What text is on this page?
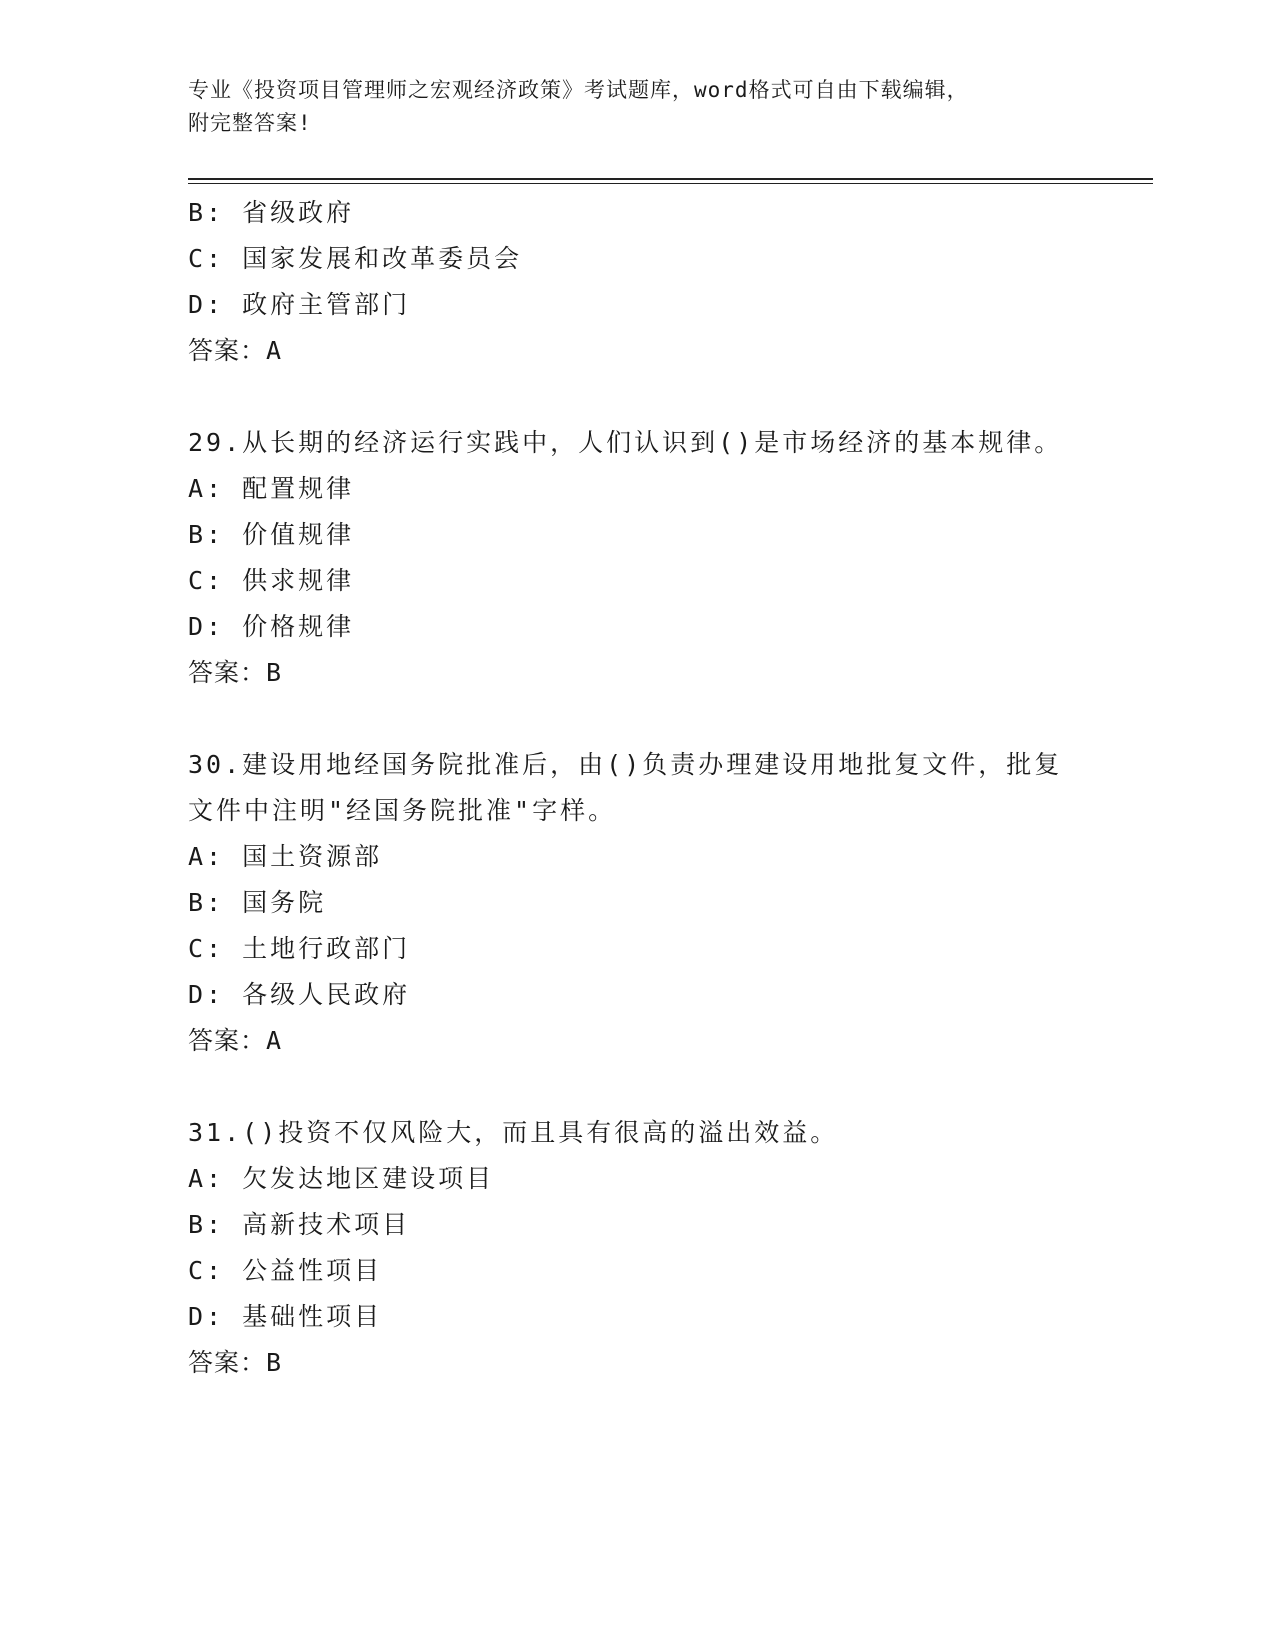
专业《投资项目管理师之宏观经济政策》考试题库，word格式可自由下载编辑，
附完整答案!
B: 省级政府
C: 国家发展和改革委员会
D: 政府主管部门
答案：A
29.从长期的经济运行实践中，人们认识到()是市场经济的基本规律。
A: 配置规律
B: 价值规律
C: 供求规律
D: 价格规律
答案：B
30.建设用地经国务院批准后，由()负责办理建设用地批复文件，批复
文件中注明"经国务院批准"字样。
A: 国土资源部
B: 国务院
C: 土地行政部门
D: 各级人民政府
答案：A
31.()投资不仅风险大，而且具有很高的溢出效益。
A: 欠发达地区建设项目
B: 高新技术项目
C: 公益性项目
D: 基础性项目
答案：B
